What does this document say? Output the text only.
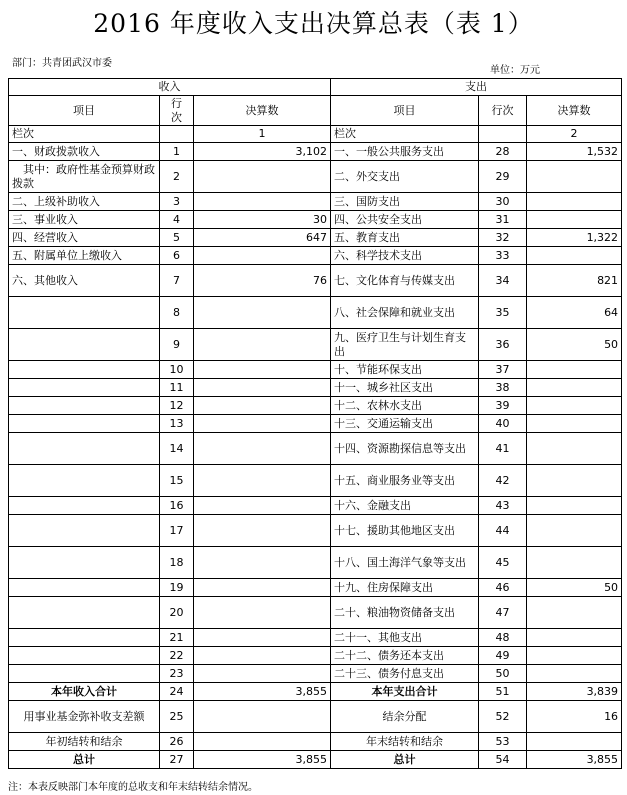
2016 年度收入支出决算总表（表 1）
部门：共青团武汉市委
单位：万元
收入			支出		
项目	行
次	决算数	项目	行次	决算数
栏次		1	栏次		2
一、财政拨款收入	1	3,102	一、一般公共服务支出	28	1,532
　其中：政府性基金预算财政拨款	2		二、外交支出	29	
二、上级补助收入	3		三、国防支出	30	
三、事业收入	4	30	四、公共安全支出	31	
四、经营收入	5	647	五、教育支出	32	1,322
五、附属单位上缴收入	6		六、科学技术支出	33	
六、其他收入	7	76	七、文化体育与传媒支出	34	821
	8		八、社会保障和就业支出	35	64
	9		九、医疗卫生与计划生育支出	36	50
	10		十、节能环保支出	37	
	11		十一、城乡社区支出	38	
	12		十二、农林水支出	39	
	13		十三、交通运输支出	40	
	14		十四、资源勘探信息等支出	41	
	15		十五、商业服务业等支出	42	
	16		十六、金融支出	43	
	17		十七、援助其他地区支出	44	
	18		十八、国土海洋气象等支出	45	
	19		十九、住房保障支出	46	50
	20		二十、粮油物资储备支出	47	
	21		二十一、其他支出	48	
	22		二十二、债务还本支出	49	
	23		二十三、债务付息支出	50	
本年收入合计	24	3,855	本年支出合计	51	3,839
用事业基金弥补收支差额	25		结余分配	52	16
年初结转和结余	26		年末结转和结余	53	
总计	27	3,855	总计	54	3,855
注：本表反映部门本年度的总收支和年末结转结余情况。
